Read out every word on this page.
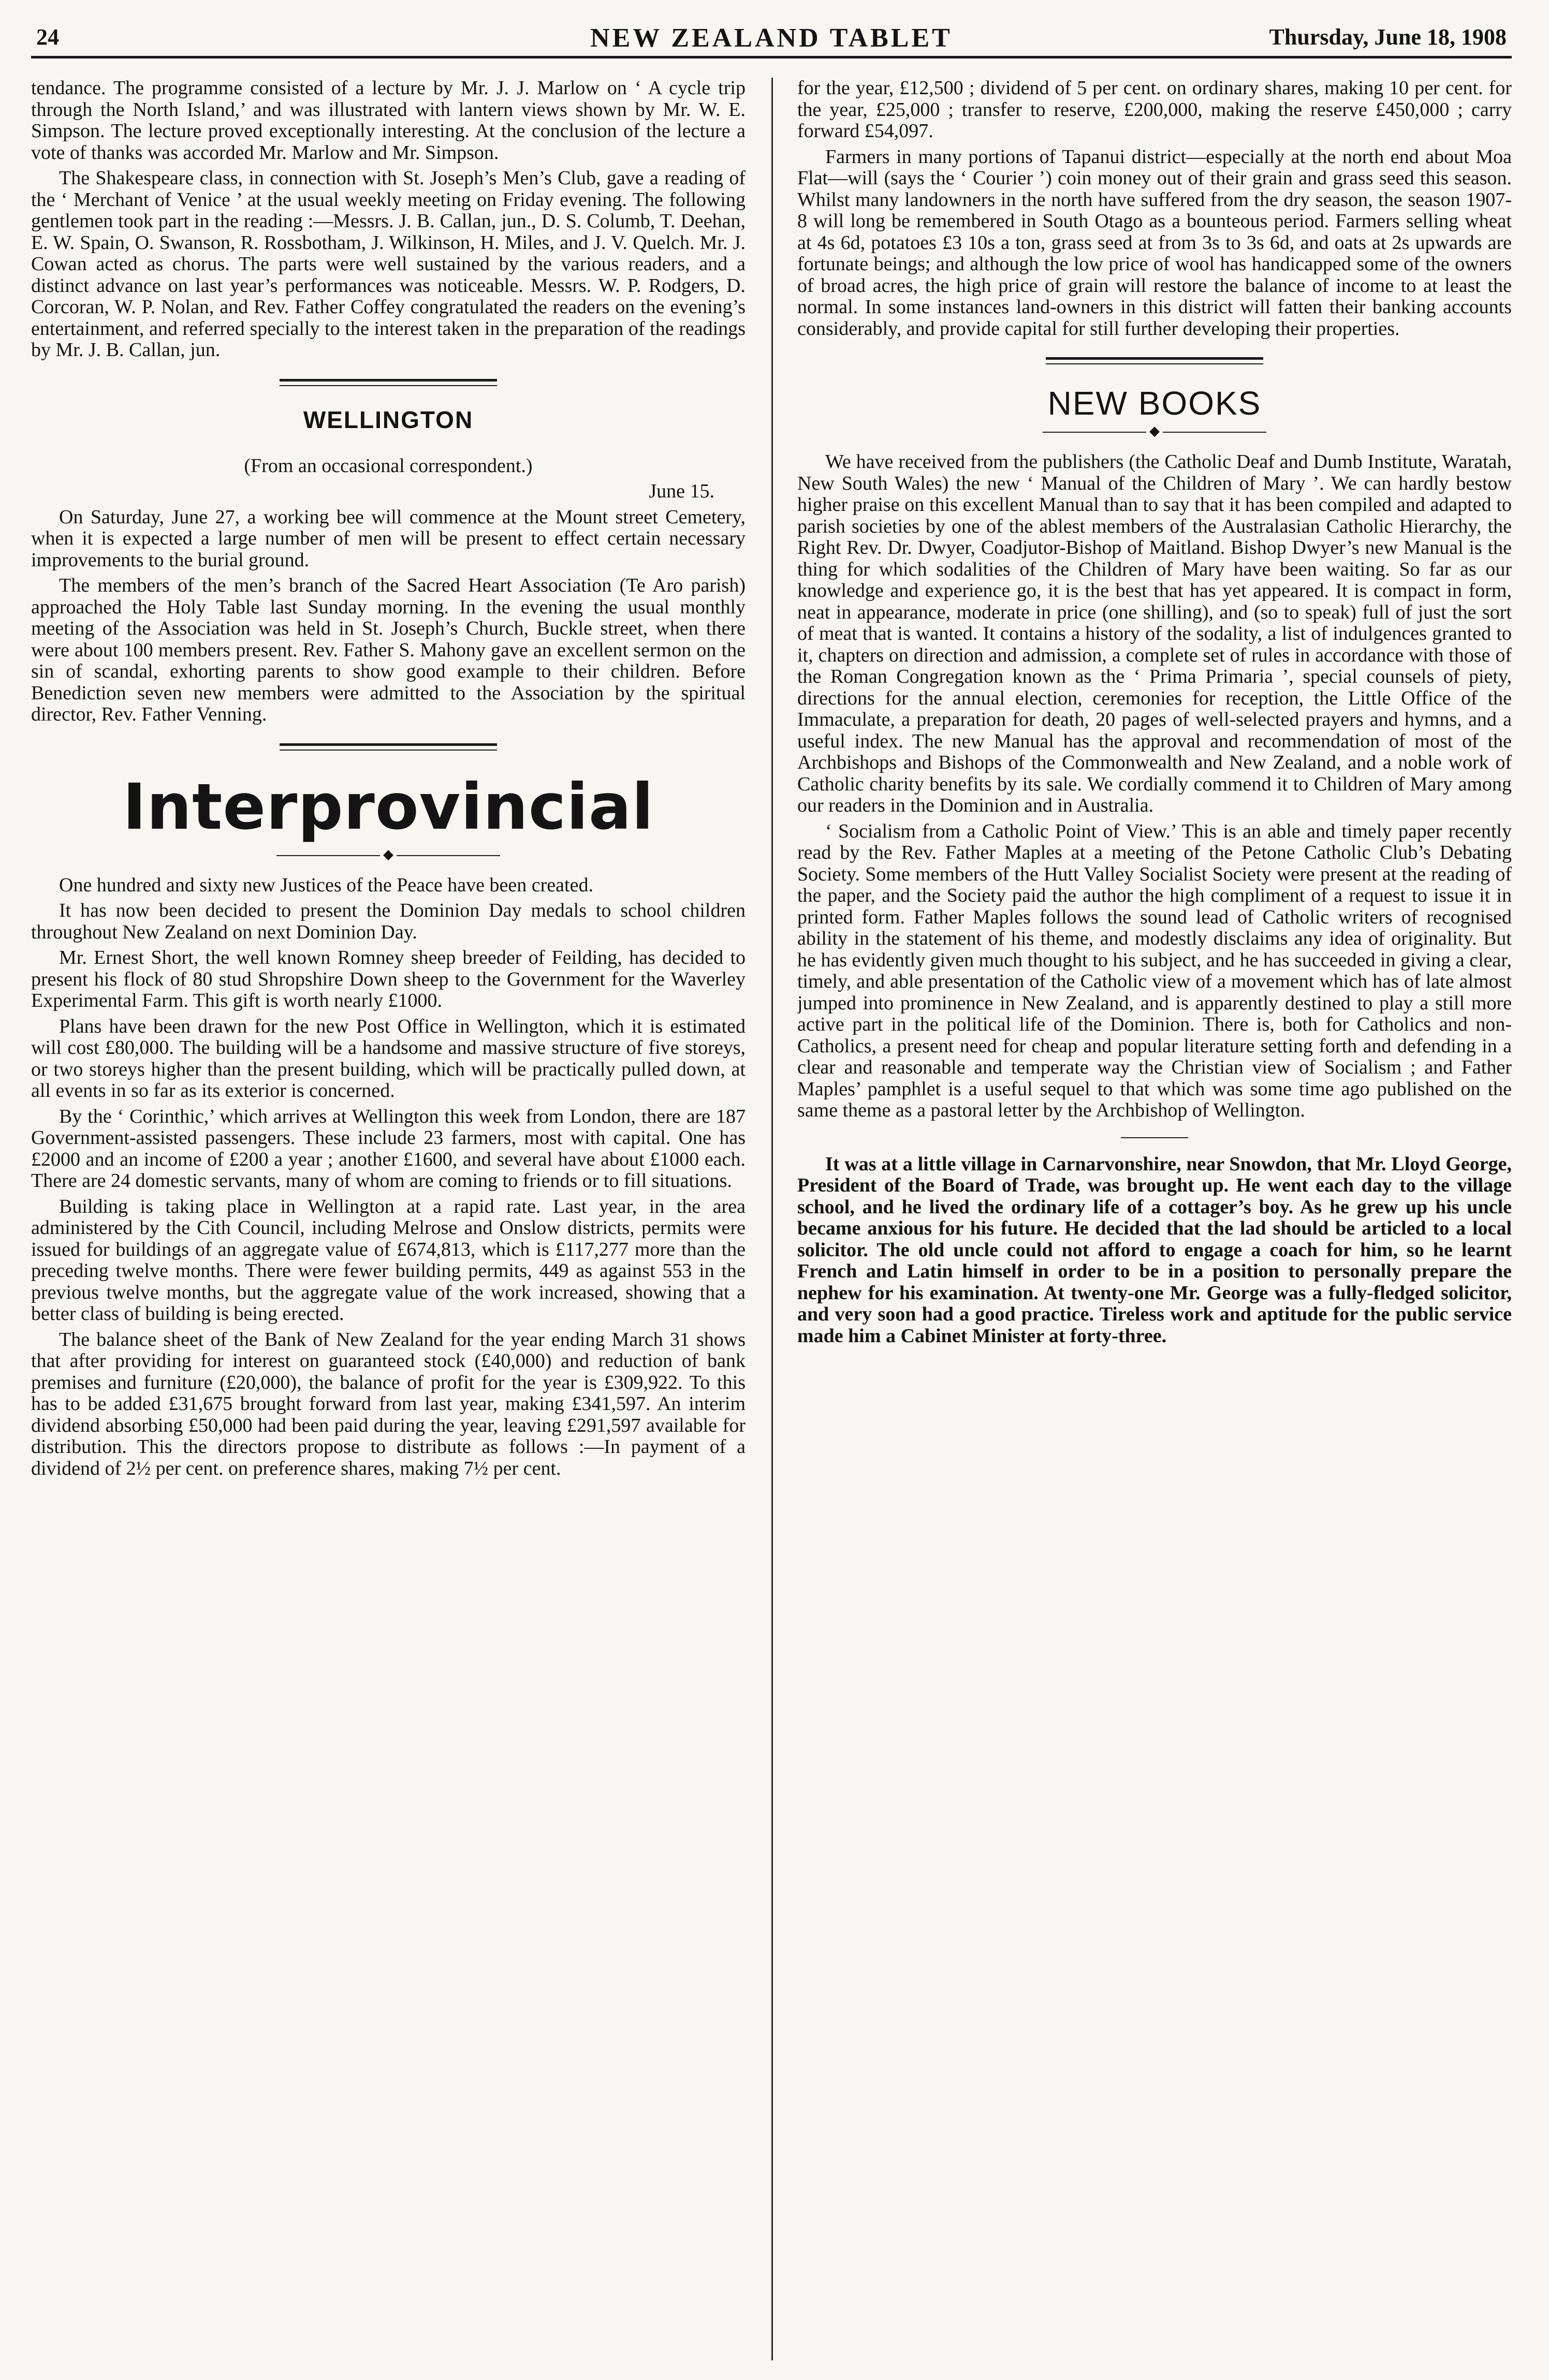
24	NEW ZEALAND TABLET	Thursday, June 18, 1908

tendance. The programme consisted of a lecture by Mr. J. J. Marlow on ‘ A cycle trip through the North Island,’ and was illustrated with lantern views shown by Mr. W. E. Simpson. The lecture proved exceptionally interesting. At the conclusion of the lecture a vote of thanks was accorded Mr. Marlow and Mr. Simpson.

The Shakespeare class, in connection with St. Joseph’s Men’s Club, gave a reading of the ‘ Merchant of Venice ’ at the usual weekly meeting on Friday evening. The following gentlemen took part in the reading :—Messrs. J. B. Callan, jun., D. S. Columb, T. Deehan, E. W. Spain, O. Swanson, R. Rossbotham, J. Wilkinson, H. Miles, and J. V. Quelch. Mr. J. Cowan acted as chorus. The parts were well sustained by the various readers, and a distinct advance on last year’s performances was noticeable. Messrs. W. P. Rodgers, D. Corcoran, W. P. Nolan, and Rev. Father Coffey congratulated the readers on the evening’s entertainment, and referred specially to the interest taken in the preparation of the readings by Mr. J. B. Callan, jun.

WELLINGTON

(From an occasional correspondent.)

June 15.

On Saturday, June 27, a working bee will commence at the Mount street Cemetery, when it is expected a large number of men will be present to effect certain necessary improvements to the burial ground.

The members of the men’s branch of the Sacred Heart Association (Te Aro parish) approached the Holy Table last Sunday morning. In the evening the usual monthly meeting of the Association was held in St. Joseph’s Church, Buckle street, when there were about 100 members present. Rev. Father S. Mahony gave an excellent sermon on the sin of scandal, exhorting parents to show good example to their children. Before Benediction seven new members were admitted to the Association by the spiritual director, Rev. Father Venning.

Interprovincial
◆

One hundred and sixty new Justices of the Peace have been created.

It has now been decided to present the Dominion Day medals to school children throughout New Zealand on next Dominion Day.

Mr. Ernest Short, the well known Romney sheep breeder of Feilding, has decided to present his flock of 80 stud Shropshire Down sheep to the Government for the Waverley Experimental Farm. This gift is worth nearly £1000.

Plans have been drawn for the new Post Office in Wellington, which it is estimated will cost £80,000. The building will be a handsome and massive structure of five storeys, or two storeys higher than the present building, which will be practically pulled down, at all events in so far as its exterior is concerned.

By the ‘ Corinthic,’ which arrives at Wellington this week from London, there are 187 Government-assisted passengers. These include 23 farmers, most with capital. One has £2000 and an income of £200 a year ; another £1600, and several have about £1000 each. There are 24 domestic servants, many of whom are coming to friends or to fill situations.

Building is taking place in Wellington at a rapid rate. Last year, in the area administered by the Cith Council, including Melrose and Onslow districts, permits were issued for buildings of an aggregate value of £674,813, which is £117,277 more than the preceding twelve months. There were fewer building permits, 449 as against 553 in the previous twelve months, but the aggregate value of the work increased, showing that a better class of building is being erected.

The balance sheet of the Bank of New Zealand for the year ending March 31 shows that after providing for interest on guaranteed stock (£40,000) and reduction of bank premises and furniture (£20,000), the balance of profit for the year is £309,922. To this has to be added £31,675 brought forward from last year, making £341,597. An interim dividend absorbing £50,000 had been paid during the year, leaving £291,597 available for distribution. This the directors propose to distribute as follows :—In payment of a dividend of 2½ per cent. on preference shares, making 7½ per cent.

for the year, £12,500 ; dividend of 5 per cent. on ordinary shares, making 10 per cent. for the year, £25,000 ; transfer to reserve, £200,000, making the reserve £450,000 ; carry forward £54,097.

Farmers in many portions of Tapanui district—especially at the north end about Moa Flat—will (says the ‘ Courier ’) coin money out of their grain and grass seed this season. Whilst many landowners in the north have suffered from the dry season, the season 1907-8 will long be remembered in South Otago as a bounteous period. Farmers selling wheat at 4s 6d, potatoes £3 10s a ton, grass seed at from 3s to 3s 6d, and oats at 2s upwards are fortunate beings; and although the low price of wool has handicapped some of the owners of broad acres, the high price of grain will restore the balance of income to at least the normal. In some instances land-owners in this district will fatten their banking accounts considerably, and provide capital for still further developing their properties.

NEW BOOKS
◆

We have received from the publishers (the Catholic Deaf and Dumb Institute, Waratah, New South Wales) the new ‘ Manual of the Children of Mary ’. We can hardly bestow higher praise on this excellent Manual than to say that it has been compiled and adapted to parish societies by one of the ablest members of the Australasian Catholic Hierarchy, the Right Rev. Dr. Dwyer, Coadjutor-Bishop of Maitland. Bishop Dwyer’s new Manual is the thing for which sodalities of the Children of Mary have been waiting. So far as our knowledge and experience go, it is the best that has yet appeared. It is compact in form, neat in appearance, moderate in price (one shilling), and (so to speak) full of just the sort of meat that is wanted. It contains a history of the sodality, a list of indulgences granted to it, chapters on direction and admission, a complete set of rules in accordance with those of the Roman Congregation known as the ‘ Prima Primaria ’, special counsels of piety, directions for the annual election, ceremonies for reception, the Little Office of the Immaculate, a preparation for death, 20 pages of well-selected prayers and hymns, and a useful index. The new Manual has the approval and recommendation of most of the Archbishops and Bishops of the Commonwealth and New Zealand, and a noble work of Catholic charity benefits by its sale. We cordially commend it to Children of Mary among our readers in the Dominion and in Australia.

‘ Socialism from a Catholic Point of View.’ This is an able and timely paper recently read by the Rev. Father Maples at a meeting of the Petone Catholic Club’s Debating Society. Some members of the Hutt Valley Socialist Society were present at the reading of the paper, and the Society paid the author the high compliment of a request to issue it in printed form. Father Maples follows the sound lead of Catholic writers of recognised ability in the statement of his theme, and modestly disclaims any idea of originality. But he has evidently given much thought to his subject, and he has succeeded in giving a clear, timely, and able presentation of the Catholic view of a movement which has of late almost jumped into prominence in New Zealand, and is apparently destined to play a still more active part in the political life of the Dominion. There is, both for Catholics and non-Catholics, a present need for cheap and popular literature setting forth and defending in a clear and reasonable and temperate way the Christian view of Socialism ; and Father Maples’ pamphlet is a useful sequel to that which was some time ago published on the same theme as a pastoral letter by the Archbishop of Wellington.

It was at a little village in Carnarvonshire, near Snowdon, that Mr. Lloyd George, President of the Board of Trade, was brought up. He went each day to the village school, and he lived the ordinary life of a cottager’s boy. As he grew up his uncle became anxious for his future. He decided that the lad should be articled to a local solicitor. The old uncle could not afford to engage a coach for him, so he learnt French and Latin himself in order to be in a position to personally prepare the nephew for his examination. At twenty-one Mr. George was a fully-fledged solicitor, and very soon had a good practice. Tireless work and aptitude for the public service made him a Cabinet Minister at forty-three.
